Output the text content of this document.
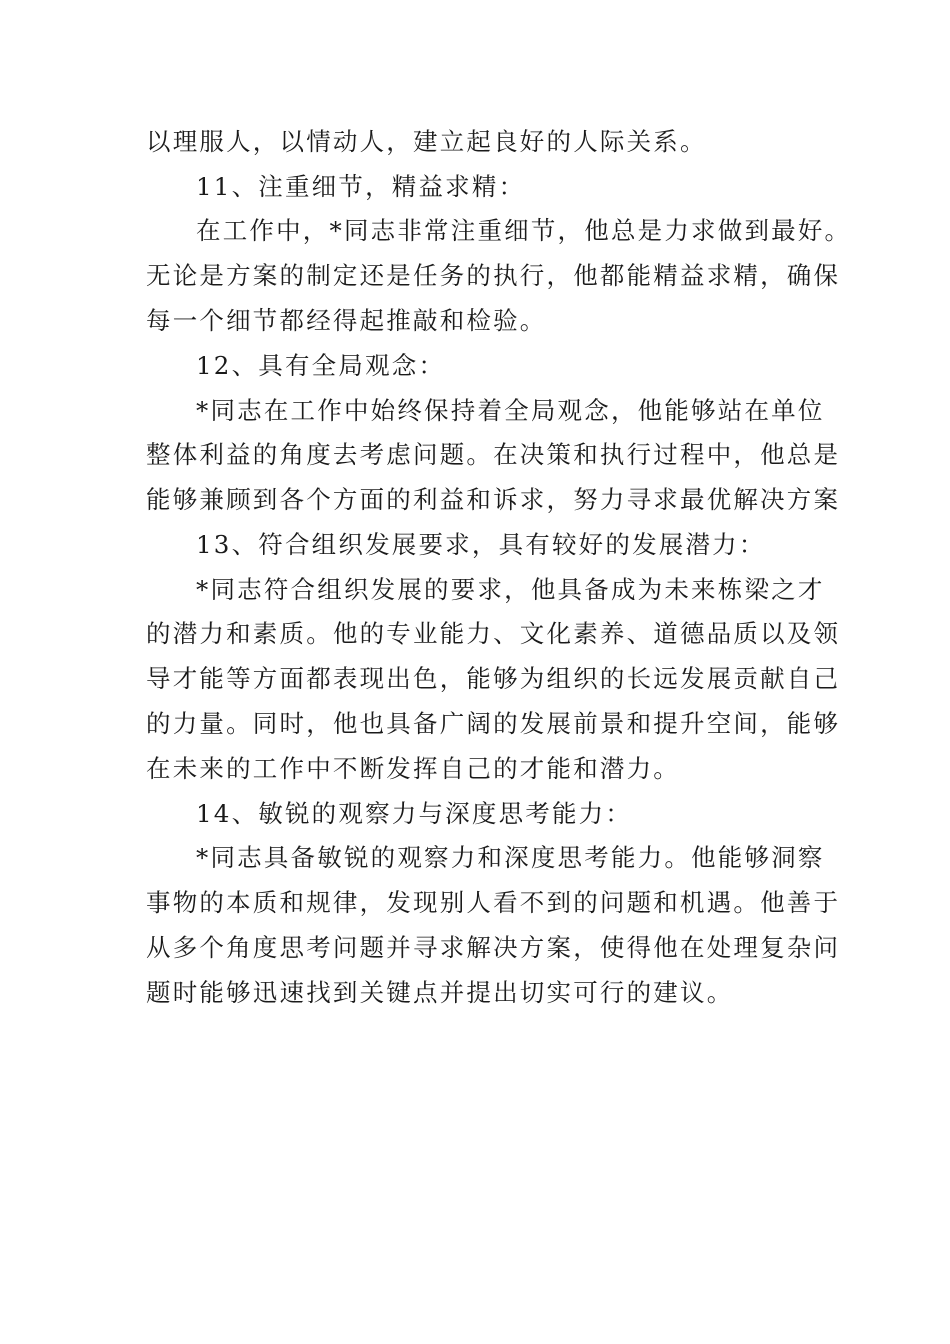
以理服人，以情动人，建立起良好的人际关系。
11、注重细节，精益求精：
在工作中，*同志非常注重细节，他总是力求做到最好。
无论是方案的制定还是任务的执行，他都能精益求精，确保
每一个细节都经得起推敲和检验。
12、具有全局观念：
*同志在工作中始终保持着全局观念，他能够站在单位
整体利益的角度去考虑问题。在决策和执行过程中，他总是
能够兼顾到各个方面的利益和诉求，努力寻求最优解决方案
13、符合组织发展要求，具有较好的发展潜力：
*同志符合组织发展的要求，他具备成为未来栋梁之才
的潜力和素质。他的专业能力、文化素养、道德品质以及领
导才能等方面都表现出色，能够为组织的长远发展贡献自己
的力量。同时，他也具备广阔的发展前景和提升空间，能够
在未来的工作中不断发挥自己的才能和潜力。
14、敏锐的观察力与深度思考能力：
*同志具备敏锐的观察力和深度思考能力。他能够洞察
事物的本质和规律，发现别人看不到的问题和机遇。他善于
从多个角度思考问题并寻求解决方案，使得他在处理复杂问
题时能够迅速找到关键点并提出切实可行的建议。
